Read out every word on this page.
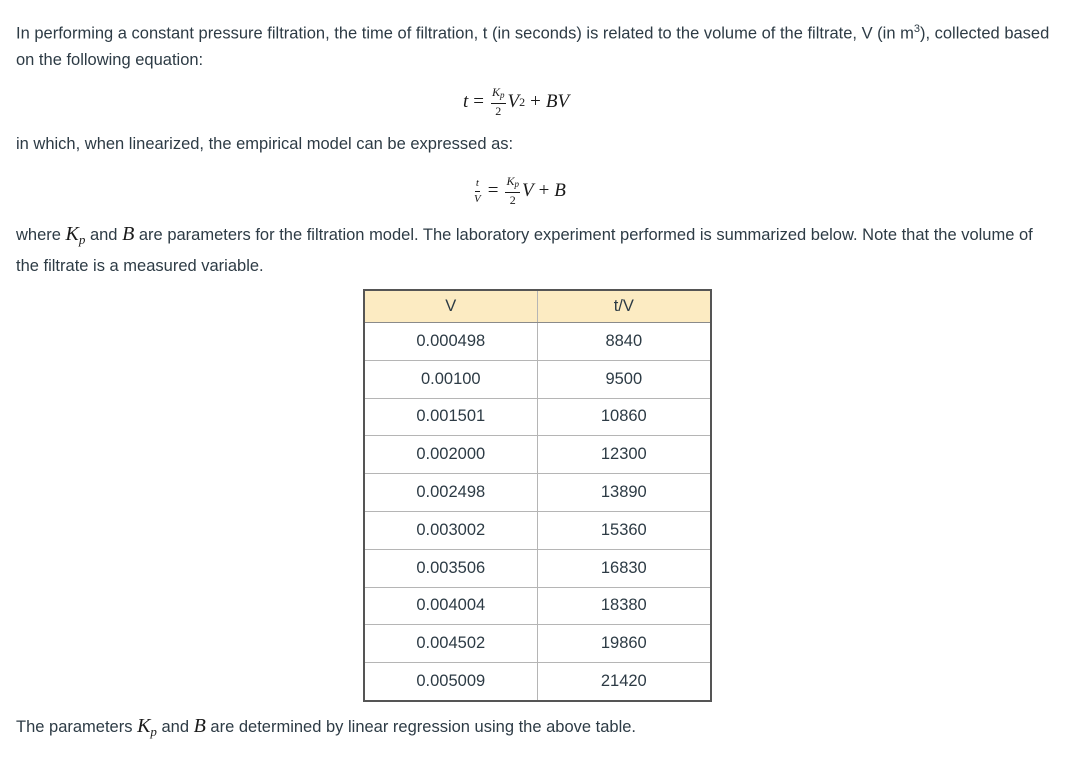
In performing a constant pressure filtration, the time of filtration, t (in seconds) is related to the volume of the filtrate, V (in $m^3$), collected based on the following equation:

$t = \frac{K_p}{2}$ V 2 + BV

in which, when linearized, the empirical model can be expressed as:

$\frac{t}{V} = \frac{K_p}{2}$ V + B

where $K_p$ and B are parameters for the filtration model. The laboratory experiment performed is summarized below. Note that the volume of the filtrate is a measured variable.

V	t/V
0.000498	8840
0.00100	9500
0.001501	10860
0.002000	12300
0.002498	13890
0.003002	15360
0.003506	16830
0.004004	18380
0.004502	19860
0.005009	21420

The parameters $K_p$ and B are determined by linear regression using the above table.
